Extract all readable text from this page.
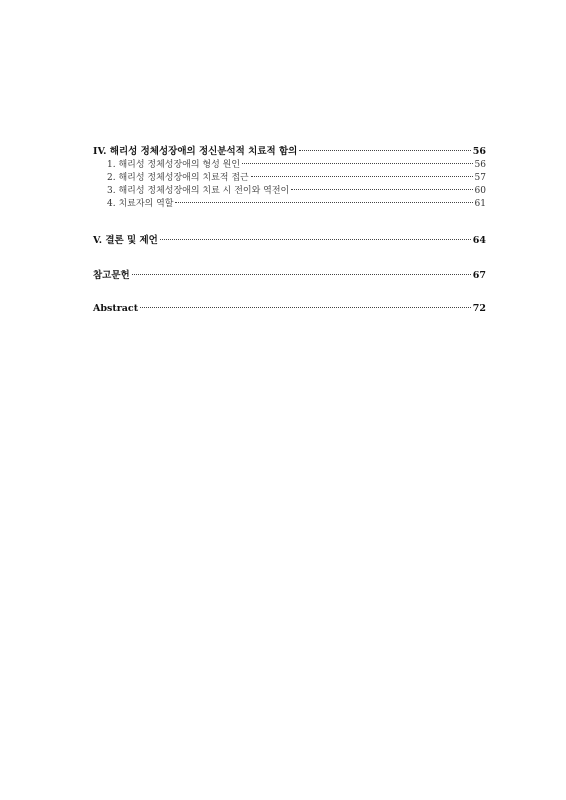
IV. 해리성 정체성장애의 정신분석적 치료적 함의	56
1. 해리성 정체성장애의 형성 원인	56
2. 해리성 정체성장애의 치료적 접근	57
3. 해리성 정체성장애의 치료 시 전이와 역전이	60
4. 치료자의 역할	61
V. 결론 및 제언	64
참고문헌	67
Abstract	72
